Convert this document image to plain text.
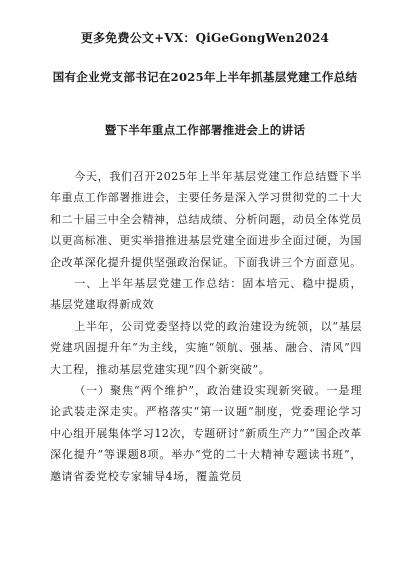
更多免费公文+VX：QiGeGongWen2024
国有企业党支部书记在2025年上半年抓基层党建工作总结
暨下半年重点工作部署推进会上的讲话

今天，我们召开2025年上半年基层党建工作总结暨下半年重点工作部署推进会，主要任务是深入学习贯彻党的二十大和二十届三中全会精神，总结成绩、分析问题，动员全体党员以更高标准、更实举措推进基层党建全面进步全面过硬，为国企改革深化提升提供坚强政治保证。下面我讲三个方面意见。

一、上半年基层党建工作总结：固本培元、稳中提质，基层党建取得新成效

上半年，公司党委坚持以党的政治建设为统领，以“基层党建巩固提升年”为主线，实施“领航、强基、融合、清风”四大工程，推动基层党建实现“四个新突破”。

（一）聚焦“两个维护”，政治建设实现新突破。一是理论武装走深走实。严格落实“第一议题”制度，党委理论学习中心组开展集体学习12次，专题研讨“新质生产力”“国企改革深化提升”等课题8项。举办“党的二十大精神专题读书班”，邀请省委党校专家辅导4场，覆盖党员
